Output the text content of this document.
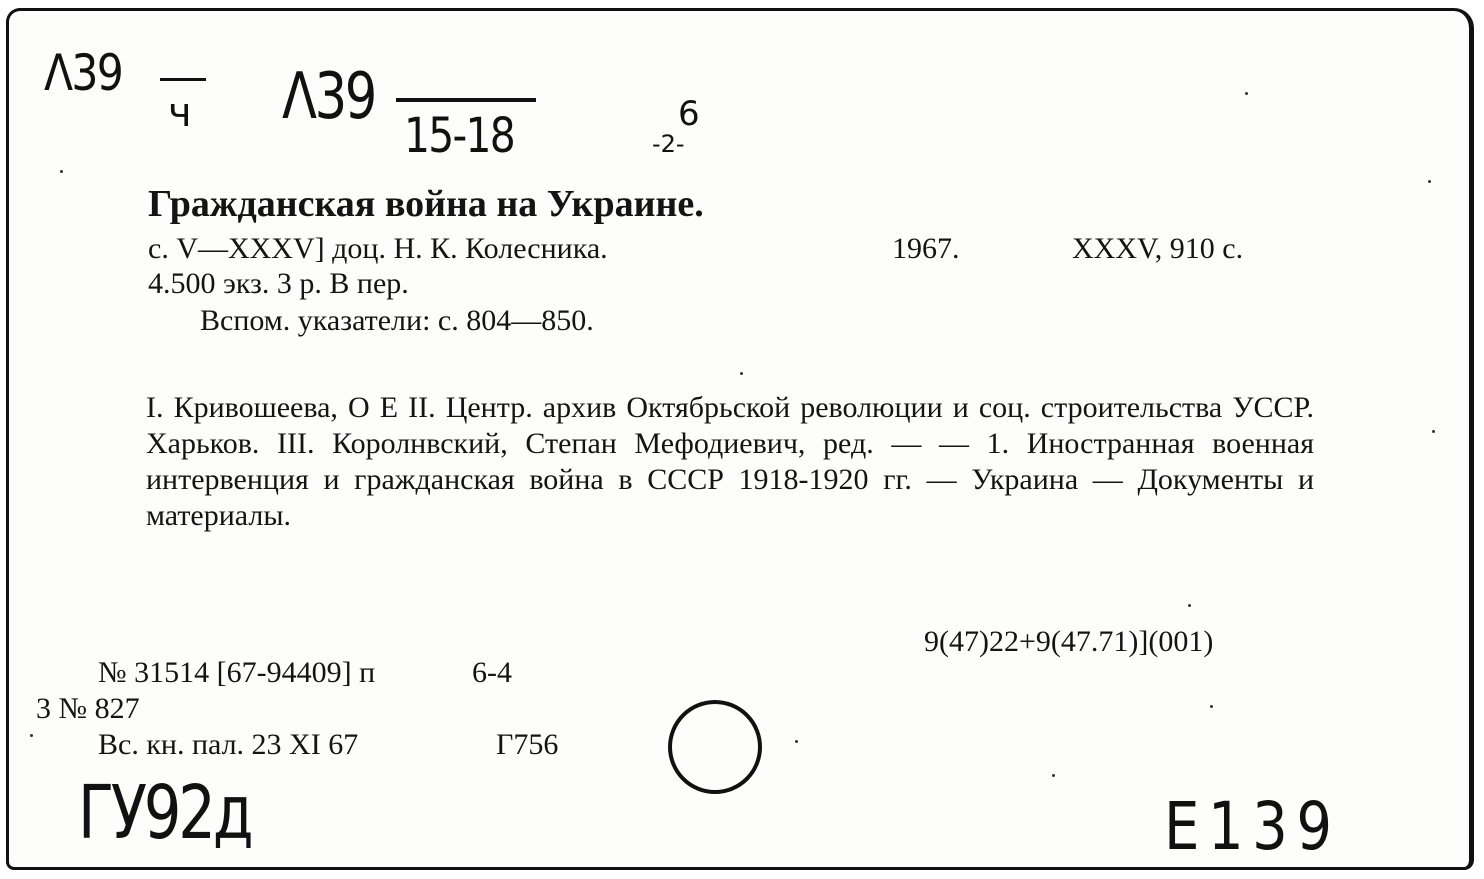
Λ39
ч Λ39
15-18	6
-2-
Гражданская война на Украине.
с. V—XXXV] доц. Н. К. Колесника.	1967.	XXXV, 910 с.
4.500 экз. 3 р. В пер.
Вспом. указатели: с. 804—850.

I. Кривошеева, О Е II. Центр. архив Октябрьской революции и соц. строительства УССР. Харьков. III. Королнвский, Степан Мефодиевич, ред. — — 1. Иностранная военная интервенция и гражданская война в СССР 1918-1920 гг. — Украина — Документы и материалы.

9(47)22+9(47.71)](001)
№ 31514 [67-94409] п	6-4
3 № 827
Вс. кн. пал. 23 XI 67	Г756
ГУ92д	Е139
